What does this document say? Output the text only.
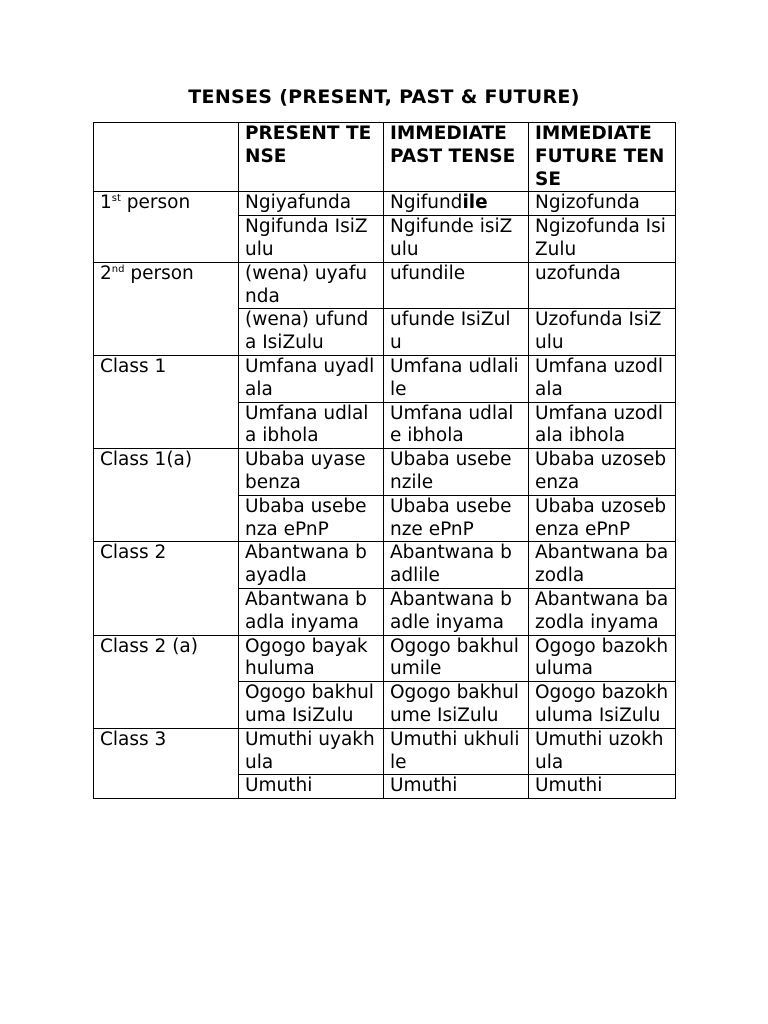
TENSES (PRESENT, PAST & FUTURE)
	PRESENT TENSE	IMMEDIATE PAST TENSE	IMMEDIATE FUTURE TENSE
1st person	Ngiyafunda	Ngifundile	Ngizofunda
	Ngifunda IsiZulu	Ngifunde isiZulu	Ngizofunda IsiZulu
2nd person	(wena) uyafunda	ufundile	uzofunda
	(wena) ufunda IsiZulu	ufunde IsiZulu	Uzofunda IsiZulu
Class 1	Umfana uyadlala	Umfana udlalile	Umfana uzodlala
	Umfana udlala ibhola	Umfana udlale ibhola	Umfana uzodlala ibhola
Class 1(a)	Ubaba uyasebenza	Ubaba usebenzile	Ubaba uzosebenza
	Ubaba usebenza ePnP	Ubaba usebenze ePnP	Ubaba uzosebenza ePnP
Class 2	Abantwana bayadla	Abantwana badlile	Abantwana bazodla
	Abantwana badla inyama	Abantwana badle inyama	Abantwana bazodla inyama
Class 2 (a)	Ogogo bayakhuluma	Ogogo bakhulumile	Ogogo bazokhuluma
	Ogogo bakhuluma IsiZulu	Ogogo bakhulume IsiZulu	Ogogo bazokhuluma IsiZulu
Class 3	Umuthi uyakhula	Umuthi ukhulile	Umuthi uzokhula
	Umuthi	Umuthi	Umuthi
